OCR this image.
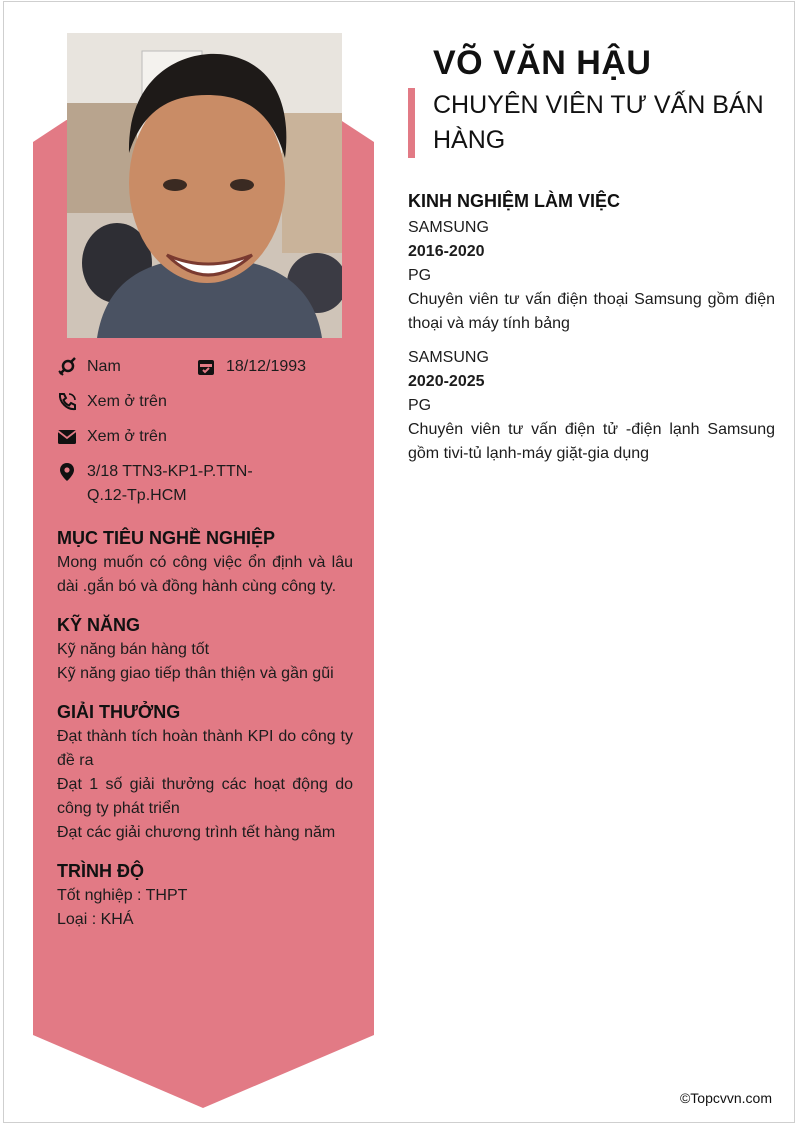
Nam	18/12/1993
Xem ở trên
Xem ở trên
3/18 TTN3-KP1-P.TTN-Q.12-Tp.HCM
MỤC TIÊU NGHỀ NGHIỆP
Mong muốn có công việc ổn định và lâu dài .gắn bó và đồng hành cùng công ty.
KỸ NĂNG
Kỹ năng bán hàng tốt
Kỹ năng giao tiếp thân thiện và gần gũi
GIẢI THƯỞNG
Đạt thành tích hoàn thành KPI do công ty đề ra
Đạt 1 số giải thưởng các hoạt động do công ty phát triển
Đạt các giải chương trình tết hàng năm
TRÌNH ĐỘ
Tốt nghiệp : THPT
Loại : KHÁ
VÕ VĂN HẬU
CHUYÊN VIÊN TƯ VẤN BÁN HÀNG
KINH NGHIỆM LÀM VIỆC
SAMSUNG
2016-2020
PG
Chuyên viên tư vấn điện thoại Samsung gồm điện thoại và máy tính bảng
SAMSUNG
2020-2025
PG
Chuyên viên tư vấn điện tử -điện lạnh Samsung gồm tivi-tủ lạnh-máy giặt-gia dụng
©Topcvvn.com
